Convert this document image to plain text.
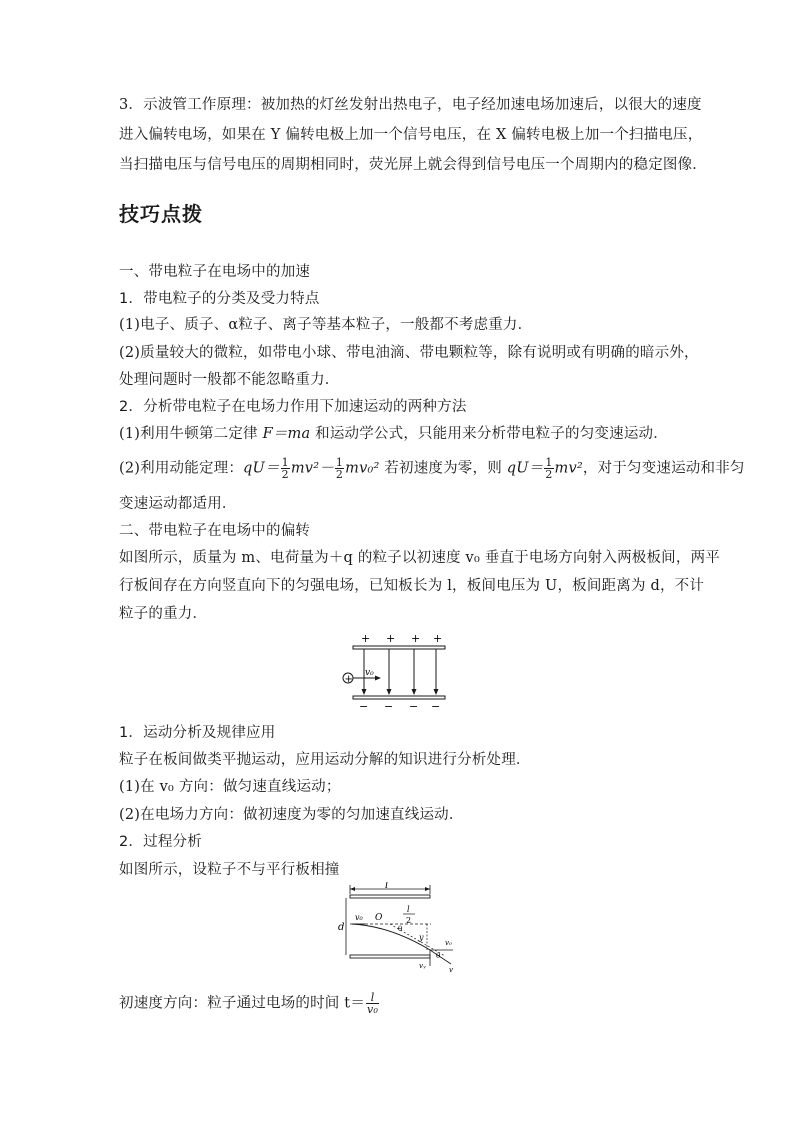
3．示波管工作原理：被加热的灯丝发射出热电子，电子经加速电场加速后，以很大的速度
进入偏转电场，如果在 Y 偏转电极上加一个信号电压，在 X 偏转电极上加一个扫描电压，
当扫描电压与信号电压的周期相同时，荧光屏上就会得到信号电压一个周期内的稳定图像．
技巧点拨
一、带电粒子在电场中的加速
1．带电粒子的分类及受力特点
(1)电子、质子、α粒子、离子等基本粒子，一般都不考虑重力．
(2)质量较大的微粒，如带电小球、带电油滴、带电颗粒等，除有说明或有明确的暗示外，
处理问题时一般都不能忽略重力．
2．分析带电粒子在电场力作用下加速运动的两种方法
(1)利用牛顿第二定律 F＝ma 和运动学公式，只能用来分析带电粒子的匀变速运动．
(2)利用动能定理：$qU= \frac{1}{2} mv^2- \frac{1}{2} mv_0^2$ 若初速度为零，则 $qU= \frac{1}{2} mv^2$，对于匀变速运动和非匀
变速运动都适用．
二、带电粒子在电场中的偏转
如图所示，质量为 m、电荷量为＋q 的粒子以初速度 v₀ 垂直于电场方向射入两极板间，两平
行板间存在方向竖直向下的匀强电场，已知板长为 l，板间电压为 U，板间距离为 d，不计
粒子的重力．
+ + + +
+
v₀
− − − −
1．运动分析及规律应用
粒子在板间做类平抛运动，应用运动分解的知识进行分析处理．
(1)在 v₀ 方向：做匀速直线运动；
(2)在电场力方向：做初速度为零的匀加速直线运动．
2．过程分析
如图所示，设粒子不与平行板相撞
l
d
v₀ O
l
2
y
θ
v₀
vᵧ	v
θ
初速度方向：粒子通过电场的时间 $t= \frac{l}{\text{v₀}}$
